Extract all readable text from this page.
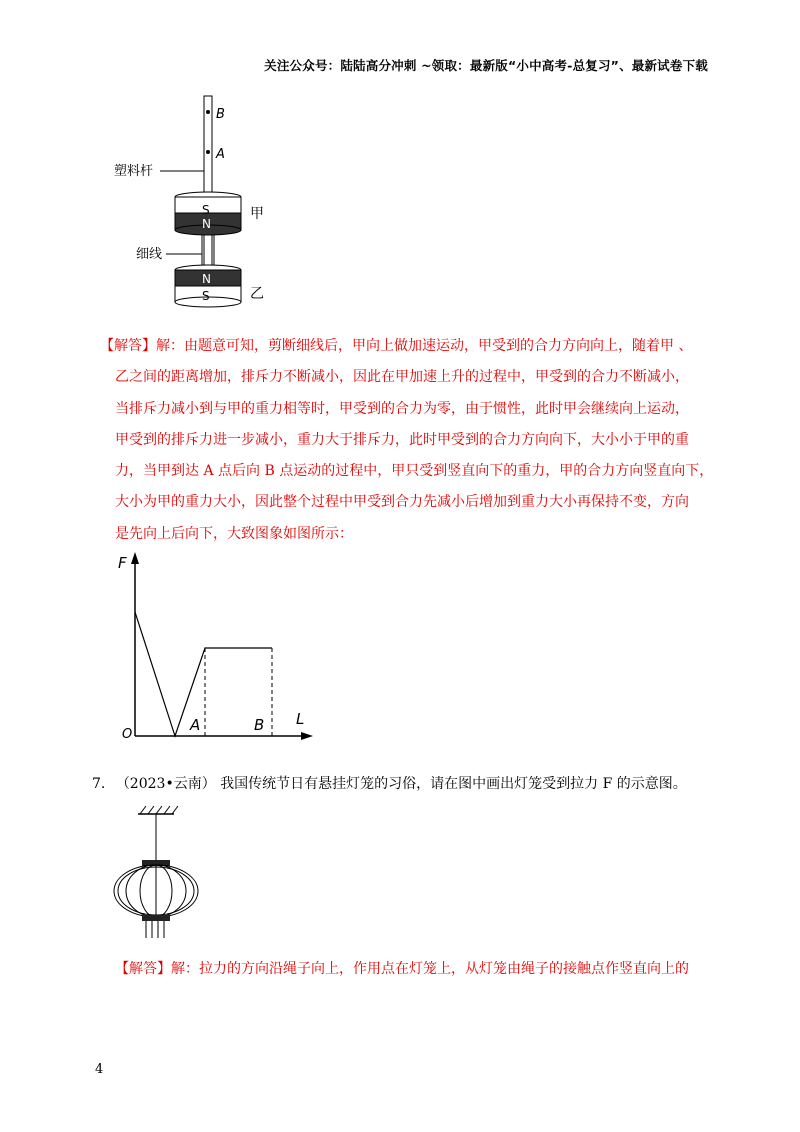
关注公众号：陆陆高分冲刺 ~领取：最新版“小中高考-总复习”、最新试卷下载
B
A
塑料杆
S
N
甲
细线
N
S	乙
【解答】解：由题意可知，剪断细线后，甲向上做加速运动，甲受到的合力方向向上，随着甲 、
乙之间的距离增加，排斥力不断减小，因此在甲加速上升的过程中，甲受到的合力不断减小，
当排斥力减小到与甲的重力相等时，甲受到的合力为零，由于惯性，此时甲会继续向上运动，
甲受到的排斥力进一步减小，重力大于排斥力，此时甲受到的合力方向向下，大小小于甲的重
力，当甲到达 A 点后向 B 点运动的过程中，甲只受到竖直向下的重力，甲的合力方向竖直向下，
大小为甲的重力大小，因此整个过程中甲受到合力先减小后增加到重力大小再保持不变，方向
是先向上后向下，大致图象如图所示：
F
L
O
A	B
7. （2023•云南） 我国传统节日有悬挂灯笼的习俗，请在图中画出灯笼受到拉力 F 的示意图。
【解答】解：拉力的方向沿绳子向上，作用点在灯笼上，从灯笼由绳子的接触点作竖直向上的
4
